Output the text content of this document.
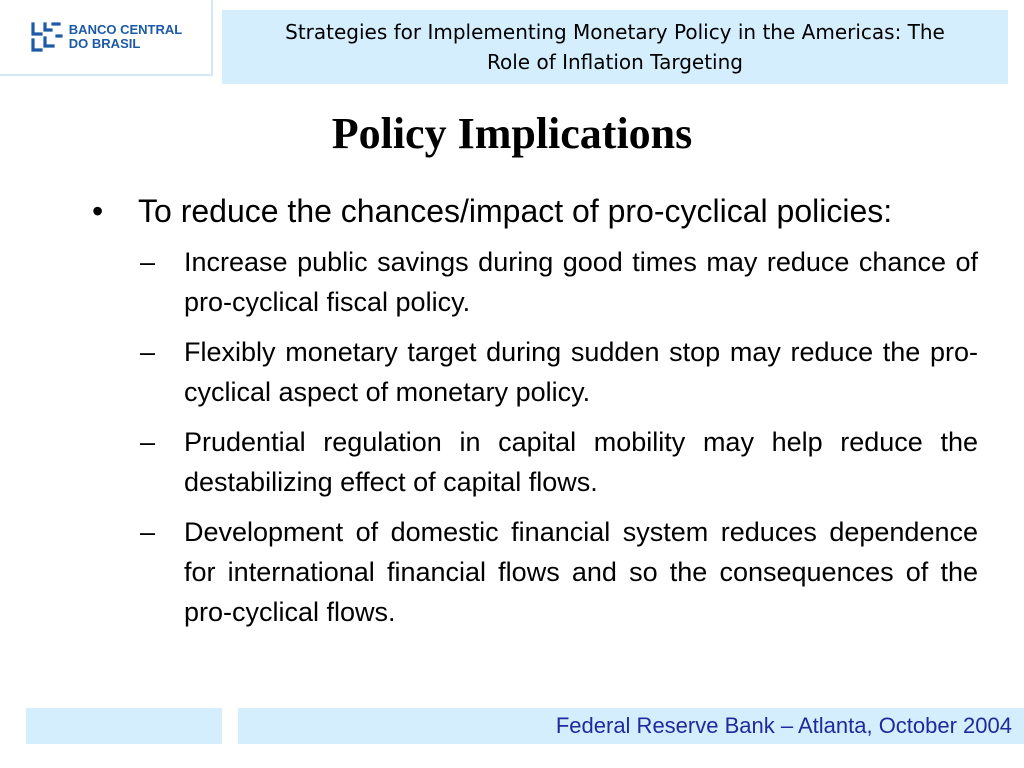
BANCO CENTRAL
DO BRASIL	Strategies for Implementing Monetary Policy in the Americas: The Role of Inflation Targeting

Policy Implications
•	To reduce the chances/impact of pro-cyclical policies:
–	Increase public savings during good times may reduce chance of pro-cyclical fiscal policy.
–	Flexibly monetary target during sudden stop may reduce the pro-cyclical aspect of monetary policy.
–	Prudential regulation in capital mobility may help reduce the destabilizing effect of capital flows.
–	Development of domestic financial system reduces dependence for international financial flows and so the consequences of the pro-cyclical flows.
Federal Reserve Bank – Atlanta, October 2004
